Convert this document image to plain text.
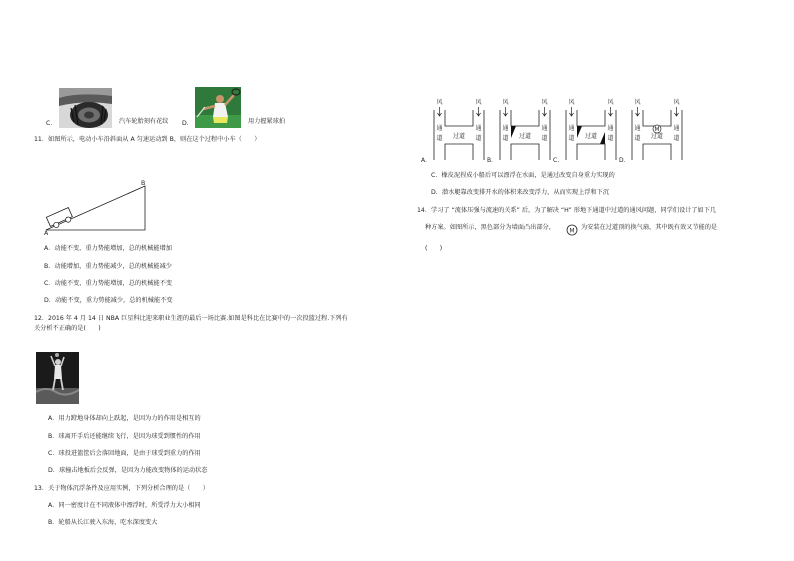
C．	汽车轮胎刻有花纹 D．	用力握紧球拍
11．如图所示，电动小车沿斜面从 A 匀速运动到 B，则在这个过程中小车（　　）
A
B
A．动能不变，重力势能增加，总的机械能增加
B．动能增加，重力势能减少，总的机械能减少
C．动能不变，重力势能增加，总的机械能不变
D．动能不变，重力势能减少，总的机械能不变
12．2016 年 4 月 14 日 NBA 巨星科比迎来职业生涯的最后一场比赛.如图是科比在比赛中的一次投篮过程.下列有
关分析不正确的是(　　)
A．用力蹬地身体却向上跃起，是因为力的作用是相互的
B．球离开手后还能继续飞行，是因为球受到惯性的作用
C．球投进篮筐后会落回地面，是由于球受到重力的作用
D．球撞击地板后会反弹，是因为力能改变物体的运动状态
13．关于物体沉浮条件及应用实例，下列分析合理的是（　　）
A．同一密度计在不同液体中漂浮时，所受浮力大小相同
B．轮船从长江驶入东海，吃水深度变大
风	风
通
道
通
道
过道
A．
风	风
通
道
通
道
过道
B．
风	风
通
道
通
道
过道
C．
风	风
通
道
通
道
过道
M
D．
C．橡皮泥捏成小船后可以漂浮在水面，是通过改变自身重力实现的
D．潜水艇靠改变排开水的体积来改变浮力，从而实现上浮和下沉
14．学习了 “流体压强与流速的关系” 后，为了解决 “H” 形地下通道中过道的通风问题，同学们设计了如下几
种方案。如图所示，黑色部分为墙面凸出部分， M 为安装在过道顶的换气扇，其中既有效又节能的是
(　　)
